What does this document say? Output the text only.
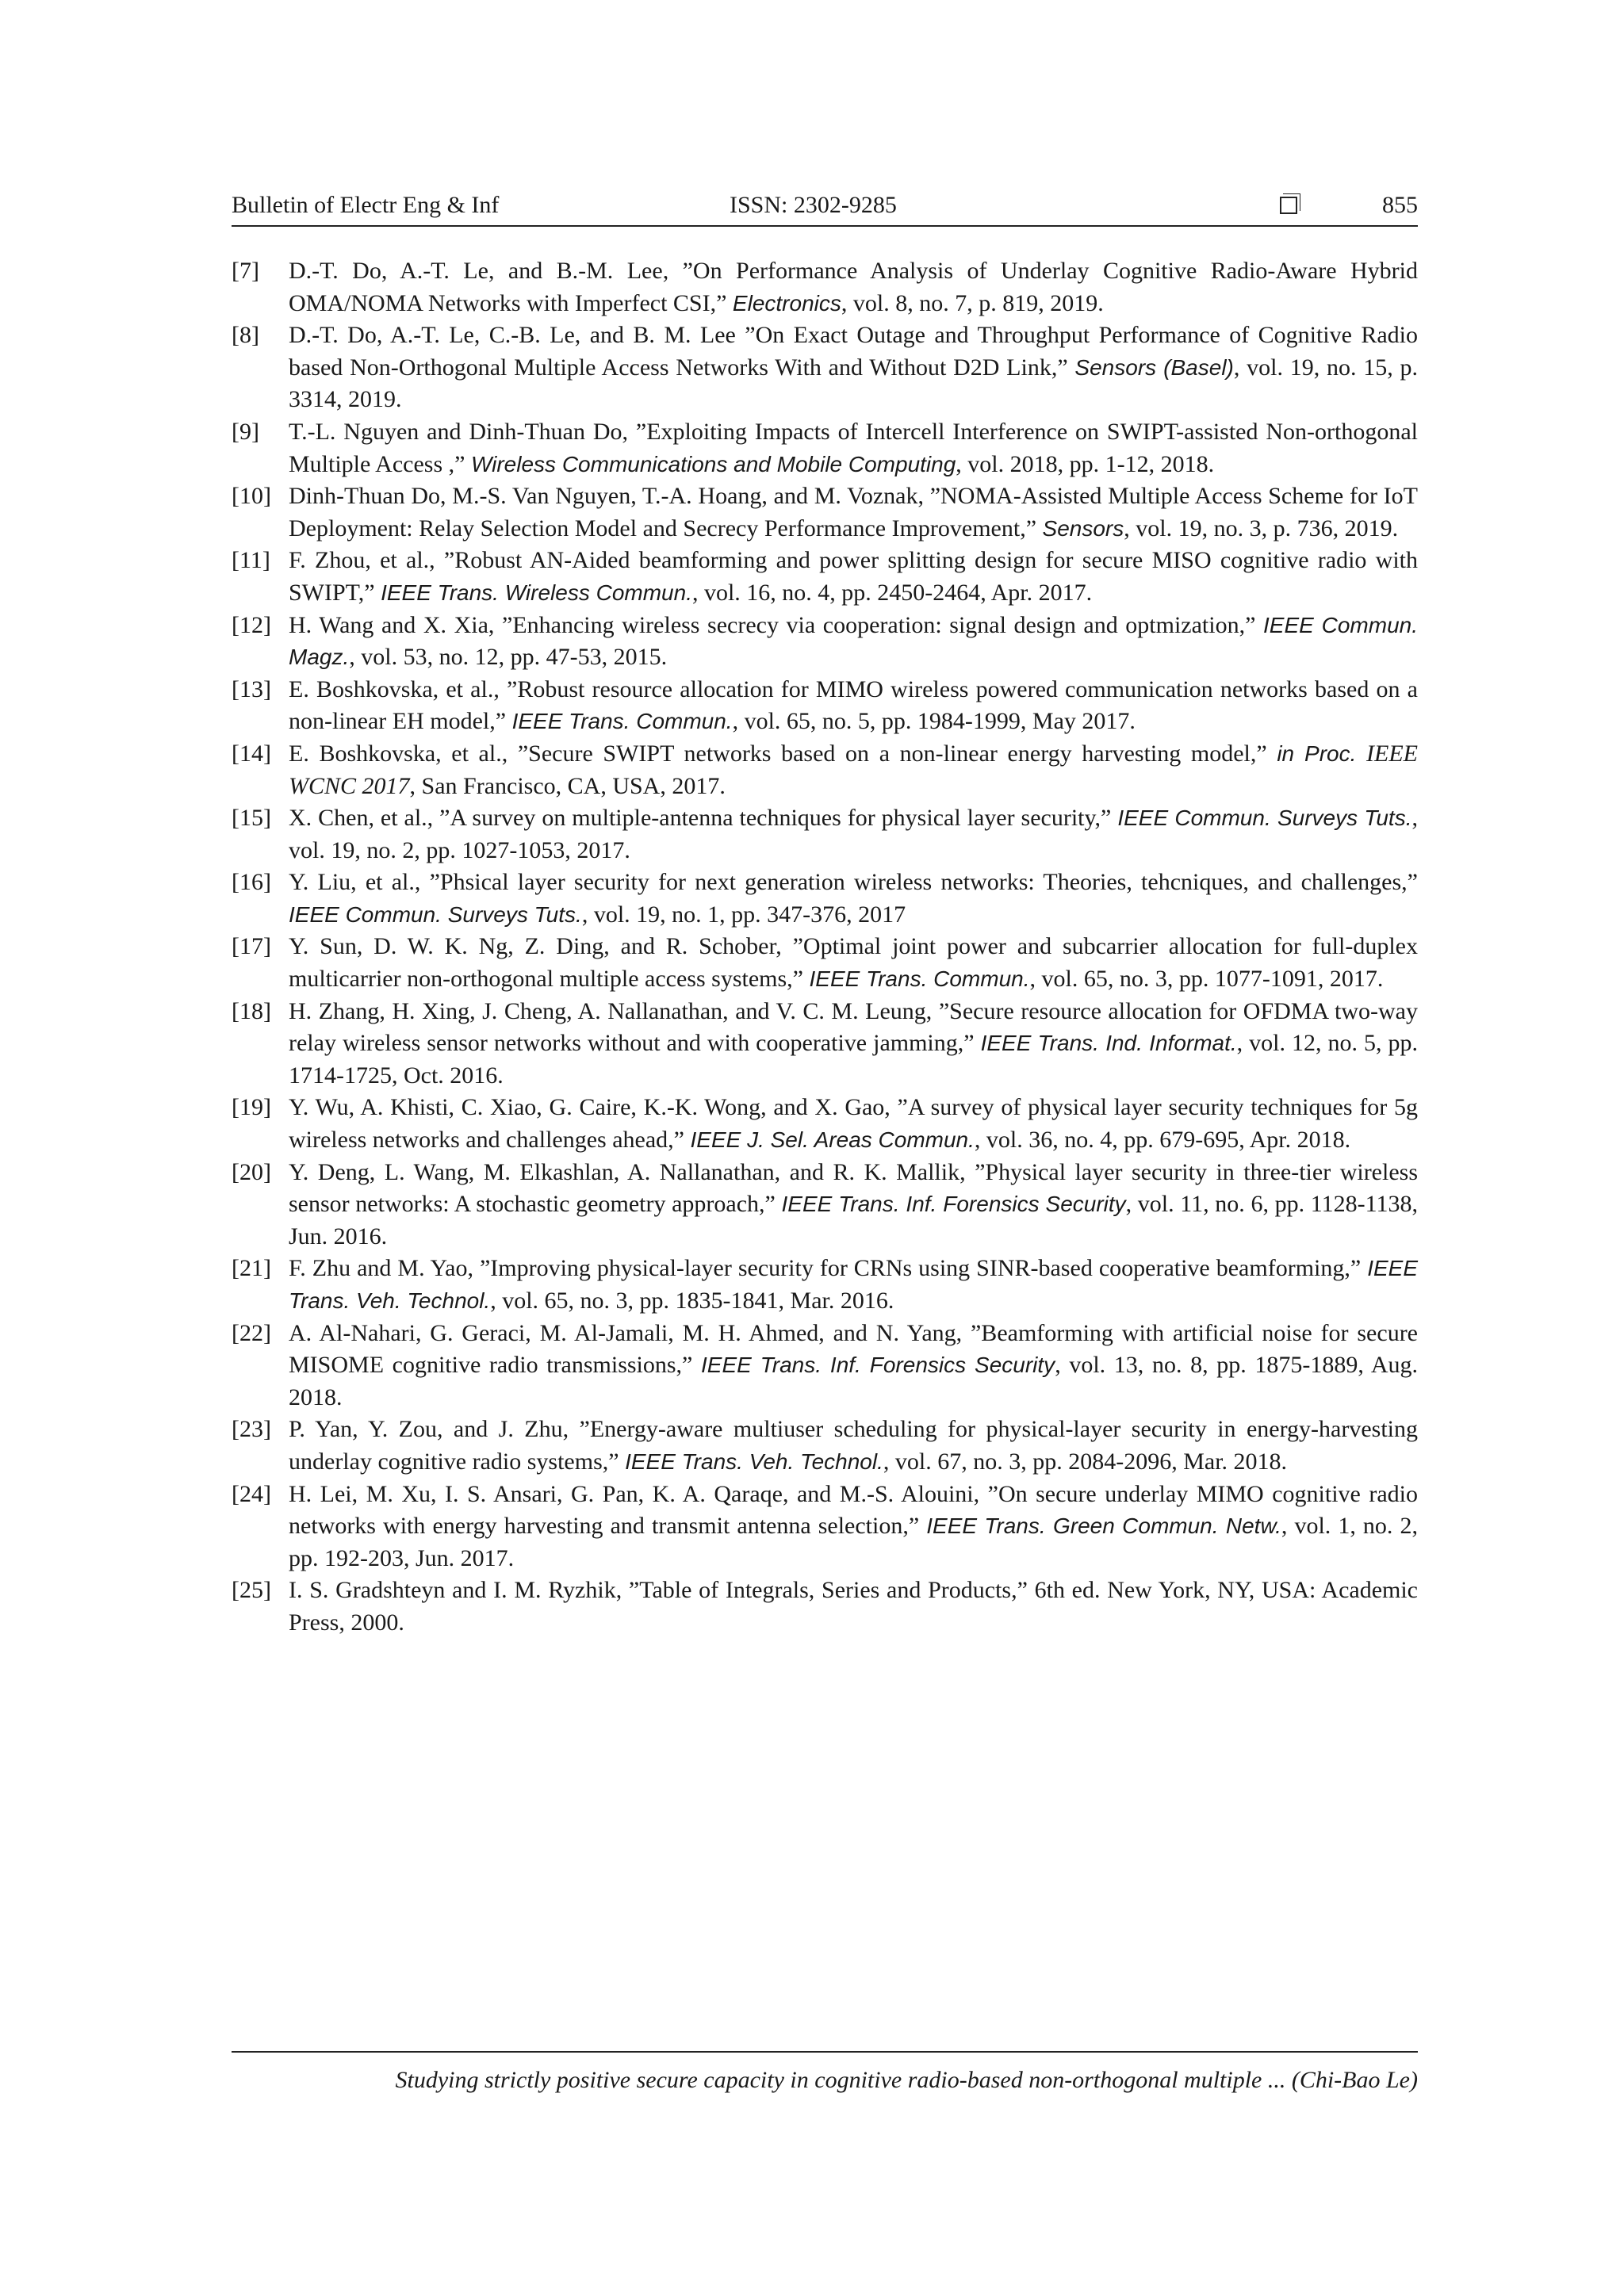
Bulletin of Electr Eng & Inf	ISSN: 2302-9285	855
[7] D.-T. Do, A.-T. Le, and B.-M. Lee, ”On Performance Analysis of Underlay Cognitive Radio-Aware Hybrid OMA/NOMA Networks with Imperfect CSI,” Electronics, vol. 8, no. 7, p. 819, 2019.
[8] D.-T. Do, A.-T. Le, C.-B. Le, and B. M. Lee ”On Exact Outage and Throughput Performance of Cognitive Radio based Non-Orthogonal Multiple Access Networks With and Without D2D Link,” Sensors (Basel), vol. 19, no. 15, p. 3314, 2019.
[9] T.-L. Nguyen and Dinh-Thuan Do, ”Exploiting Impacts of Intercell Interference on SWIPT-assisted Non-orthogonal Multiple Access ,” Wireless Communications and Mobile Computing, vol. 2018, pp. 1-12, 2018.
[10] Dinh-Thuan Do, M.-S. Van Nguyen, T.-A. Hoang, and M. Voznak, ”NOMA-Assisted Multiple Access Scheme for IoT Deployment: Relay Selection Model and Secrecy Performance Improvement,” Sensors, vol. 19, no. 3, p. 736, 2019.
[11] F. Zhou, et al., ”Robust AN-Aided beamforming and power splitting design for secure MISO cognitive radio with SWIPT,” IEEE Trans. Wireless Commun., vol. 16, no. 4, pp. 2450-2464, Apr. 2017.
[12] H. Wang and X. Xia, ”Enhancing wireless secrecy via cooperation: signal design and optmization,” IEEE Commun. Magz., vol. 53, no. 12, pp. 47-53, 2015.
[13] E. Boshkovska, et al., ”Robust resource allocation for MIMO wireless powered communication networks based on a non-linear EH model,” IEEE Trans. Commun., vol. 65, no. 5, pp. 1984-1999, May 2017.
[14] E. Boshkovska, et al., ”Secure SWIPT networks based on a non-linear energy harvesting model,” in Proc. IEEE WCNC 2017, San Francisco, CA, USA, 2017.
[15] X. Chen, et al., ”A survey on multiple-antenna techniques for physical layer security,” IEEE Commun. Surveys Tuts., vol. 19, no. 2, pp. 1027-1053, 2017.
[16] Y. Liu, et al., ”Phsical layer security for next generation wireless networks: Theories, tehcniques, and challenges,” IEEE Commun. Surveys Tuts., vol. 19, no. 1, pp. 347-376, 2017
[17] Y. Sun, D. W. K. Ng, Z. Ding, and R. Schober, ”Optimal joint power and subcarrier allocation for full-duplex multicarrier non-orthogonal multiple access systems,” IEEE Trans. Commun., vol. 65, no. 3, pp. 1077-1091, 2017.
[18] H. Zhang, H. Xing, J. Cheng, A. Nallanathan, and V. C. M. Leung, ”Secure resource allocation for OFDMA two-way relay wireless sensor networks without and with cooperative jamming,” IEEE Trans. Ind. Informat., vol. 12, no. 5, pp. 1714-1725, Oct. 2016.
[19] Y. Wu, A. Khisti, C. Xiao, G. Caire, K.-K. Wong, and X. Gao, ”A survey of physical layer security techniques for 5g wireless networks and challenges ahead,” IEEE J. Sel. Areas Commun., vol. 36, no. 4, pp. 679-695, Apr. 2018.
[20] Y. Deng, L. Wang, M. Elkashlan, A. Nallanathan, and R. K. Mallik, ”Physical layer security in three-tier wireless sensor networks: A stochastic geometry approach,” IEEE Trans. Inf. Forensics Security, vol. 11, no. 6, pp. 1128-1138, Jun. 2016.
[21] F. Zhu and M. Yao, ”Improving physical-layer security for CRNs using SINR-based cooperative beamforming,” IEEE Trans. Veh. Technol., vol. 65, no. 3, pp. 1835-1841, Mar. 2016.
[22] A. Al-Nahari, G. Geraci, M. Al-Jamali, M. H. Ahmed, and N. Yang, ”Beamforming with artificial noise for secure MISOME cognitive radio transmissions,” IEEE Trans. Inf. Forensics Security, vol. 13, no. 8, pp. 1875-1889, Aug. 2018.
[23] P. Yan, Y. Zou, and J. Zhu, ”Energy-aware multiuser scheduling for physical-layer security in energy-harvesting underlay cognitive radio systems,” IEEE Trans. Veh. Technol., vol. 67, no. 3, pp. 2084-2096, Mar. 2018.
[24] H. Lei, M. Xu, I. S. Ansari, G. Pan, K. A. Qaraqe, and M.-S. Alouini, ”On secure underlay MIMO cognitive radio networks with energy harvesting and transmit antenna selection,” IEEE Trans. Green Commun. Netw., vol. 1, no. 2, pp. 192-203, Jun. 2017.
[25] I. S. Gradshteyn and I. M. Ryzhik, ”Table of Integrals, Series and Products,” 6th ed. New York, NY, USA: Academic Press, 2000.
Studying strictly positive secure capacity in cognitive radio-based non-orthogonal multiple ... (Chi-Bao Le)
